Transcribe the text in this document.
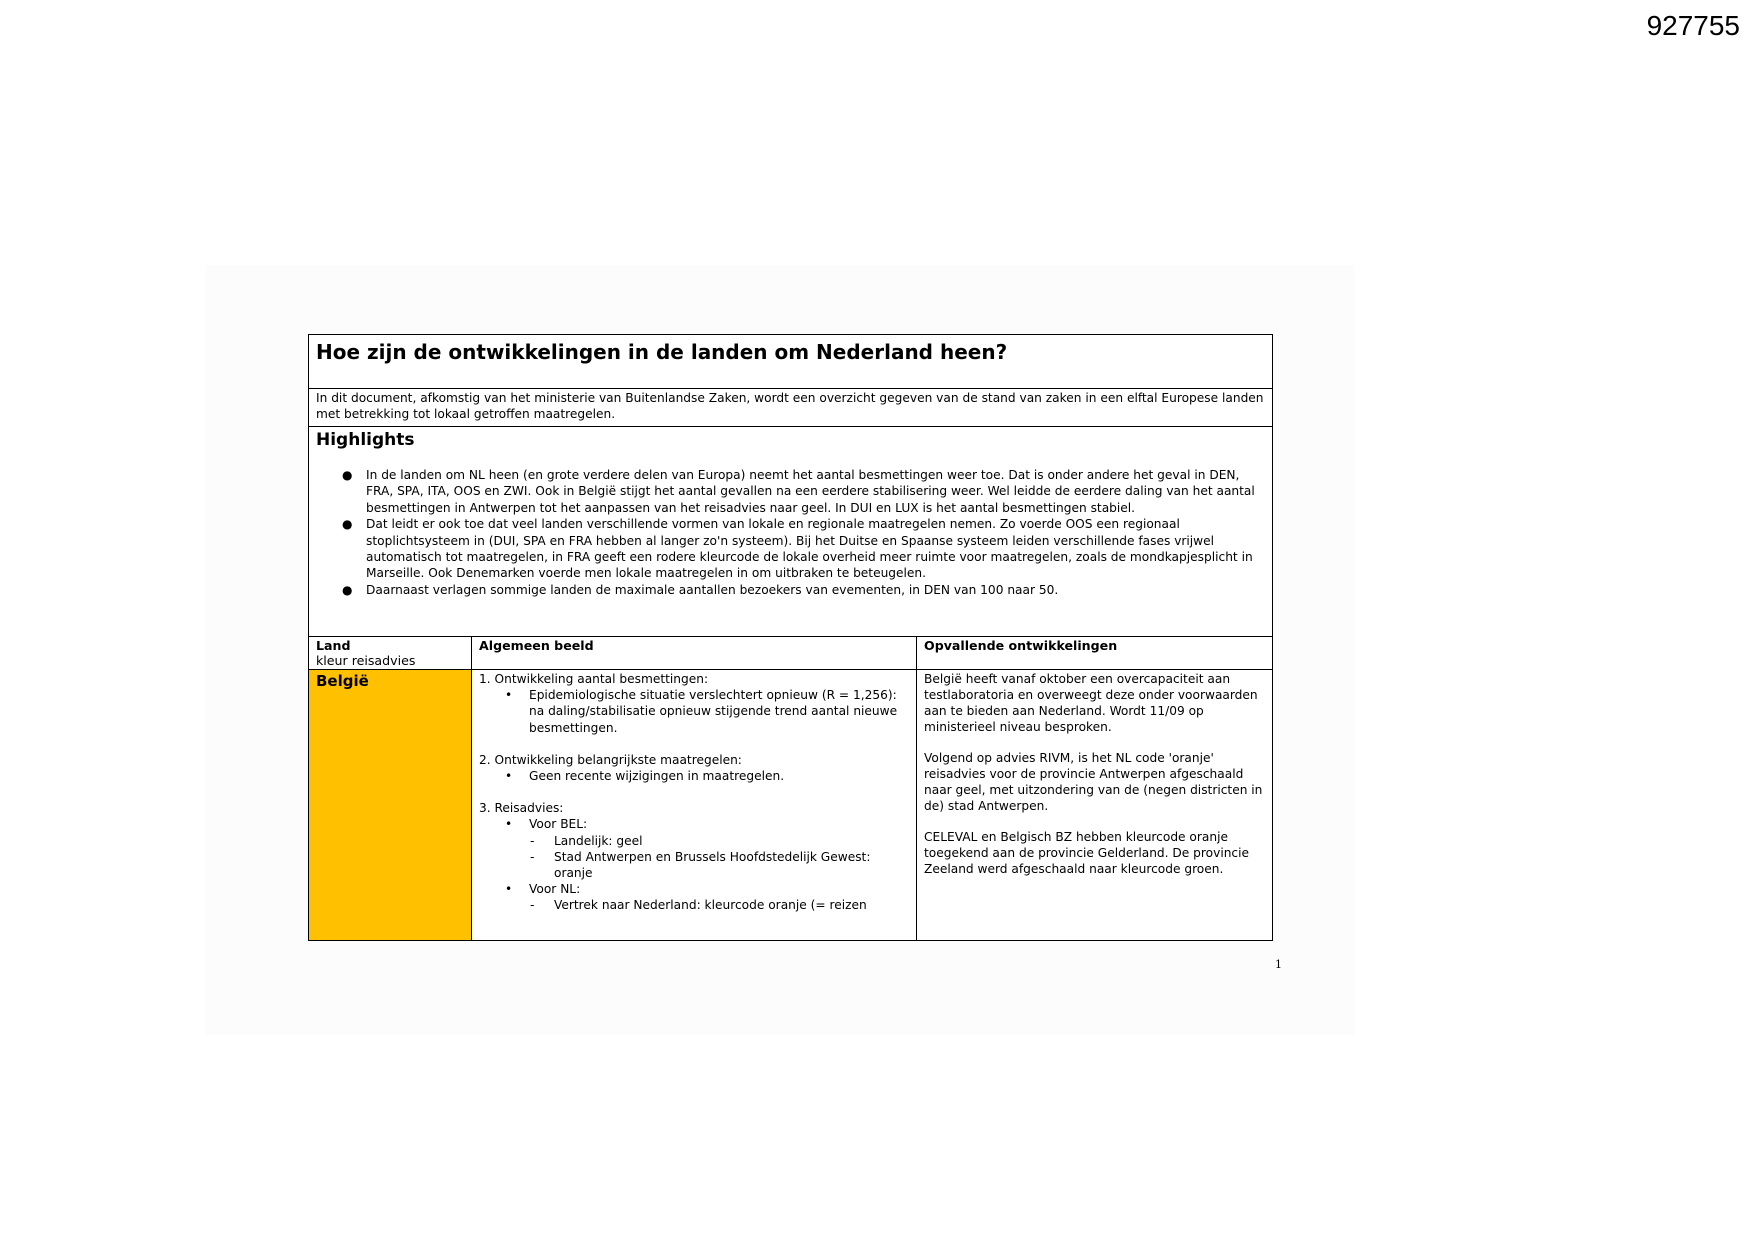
927755
Hoe zijn de ontwikkelingen in de landen om Nederland heen?
In dit document, afkomstig van het ministerie van Buitenlandse Zaken, wordt een overzicht gegeven van de stand van zaken in een elftal Europese landen met betrekking tot lokaal getroffen maatregelen.
Highlights
● In de landen om NL heen (en grote verdere delen van Europa) neemt het aantal besmettingen weer toe. Dat is onder andere het geval in DEN, FRA, SPA, ITA, OOS en ZWI. Ook in België stijgt het aantal gevallen na een eerdere stabilisering weer. Wel leidde de eerdere daling van het aantal besmettingen in Antwerpen tot het aanpassen van het reisadvies naar geel. In DUI en LUX is het aantal besmettingen stabiel.
● Dat leidt er ook toe dat veel landen verschillende vormen van lokale en regionale maatregelen nemen. Zo voerde OOS een regionaal stoplichtsysteem in (DUI, SPA en FRA hebben al langer zo'n systeem). Bij het Duitse en Spaanse systeem leiden verschillende fases vrijwel automatisch tot maatregelen, in FRA geeft een rodere kleurcode de lokale overheid meer ruimte voor maatregelen, zoals de mondkapjesplicht in Marseille. Ook Denemarken voerde men lokale maatregelen in om uitbraken te beteugelen.
● Daarnaast verlagen sommige landen de maximale aantallen bezoekers van evementen, in DEN van 100 naar 50.
Land
kleur reisadvies
Algemeen beeld	Opvallende ontwikkelingen
België	1. Ontwikkeling aantal besmettingen:
• Epidemiologische situatie verslechtert opnieuw (R = 1,256): na daling/stabilisatie opnieuw stijgende trend aantal nieuwe besmettingen.
2. Ontwikkeling belangrijkste maatregelen:
• Geen recente wijzigingen in maatregelen.
3. Reisadvies:
• Voor BEL:
- Landelijk: geel
- Stad Antwerpen en Brussels Hoofdstedelijk Gewest: oranje
• Voor NL:
- Vertrek naar Nederland: kleurcode oranje (= reizen

België heeft vanaf oktober een overcapaciteit aan testlaboratoria en overweegt deze onder voorwaarden aan te bieden aan Nederland. Wordt 11/09 op ministerieel niveau besproken.

Volgend op advies RIVM, is het NL code 'oranje' reisadvies voor de provincie Antwerpen afgeschaald naar geel, met uitzondering van de (negen districten in de) stad Antwerpen.

CELEVAL en Belgisch BZ hebben kleurcode oranje toegekend aan de provincie Gelderland. De provincie Zeeland werd afgeschaald naar kleurcode groen.

1
